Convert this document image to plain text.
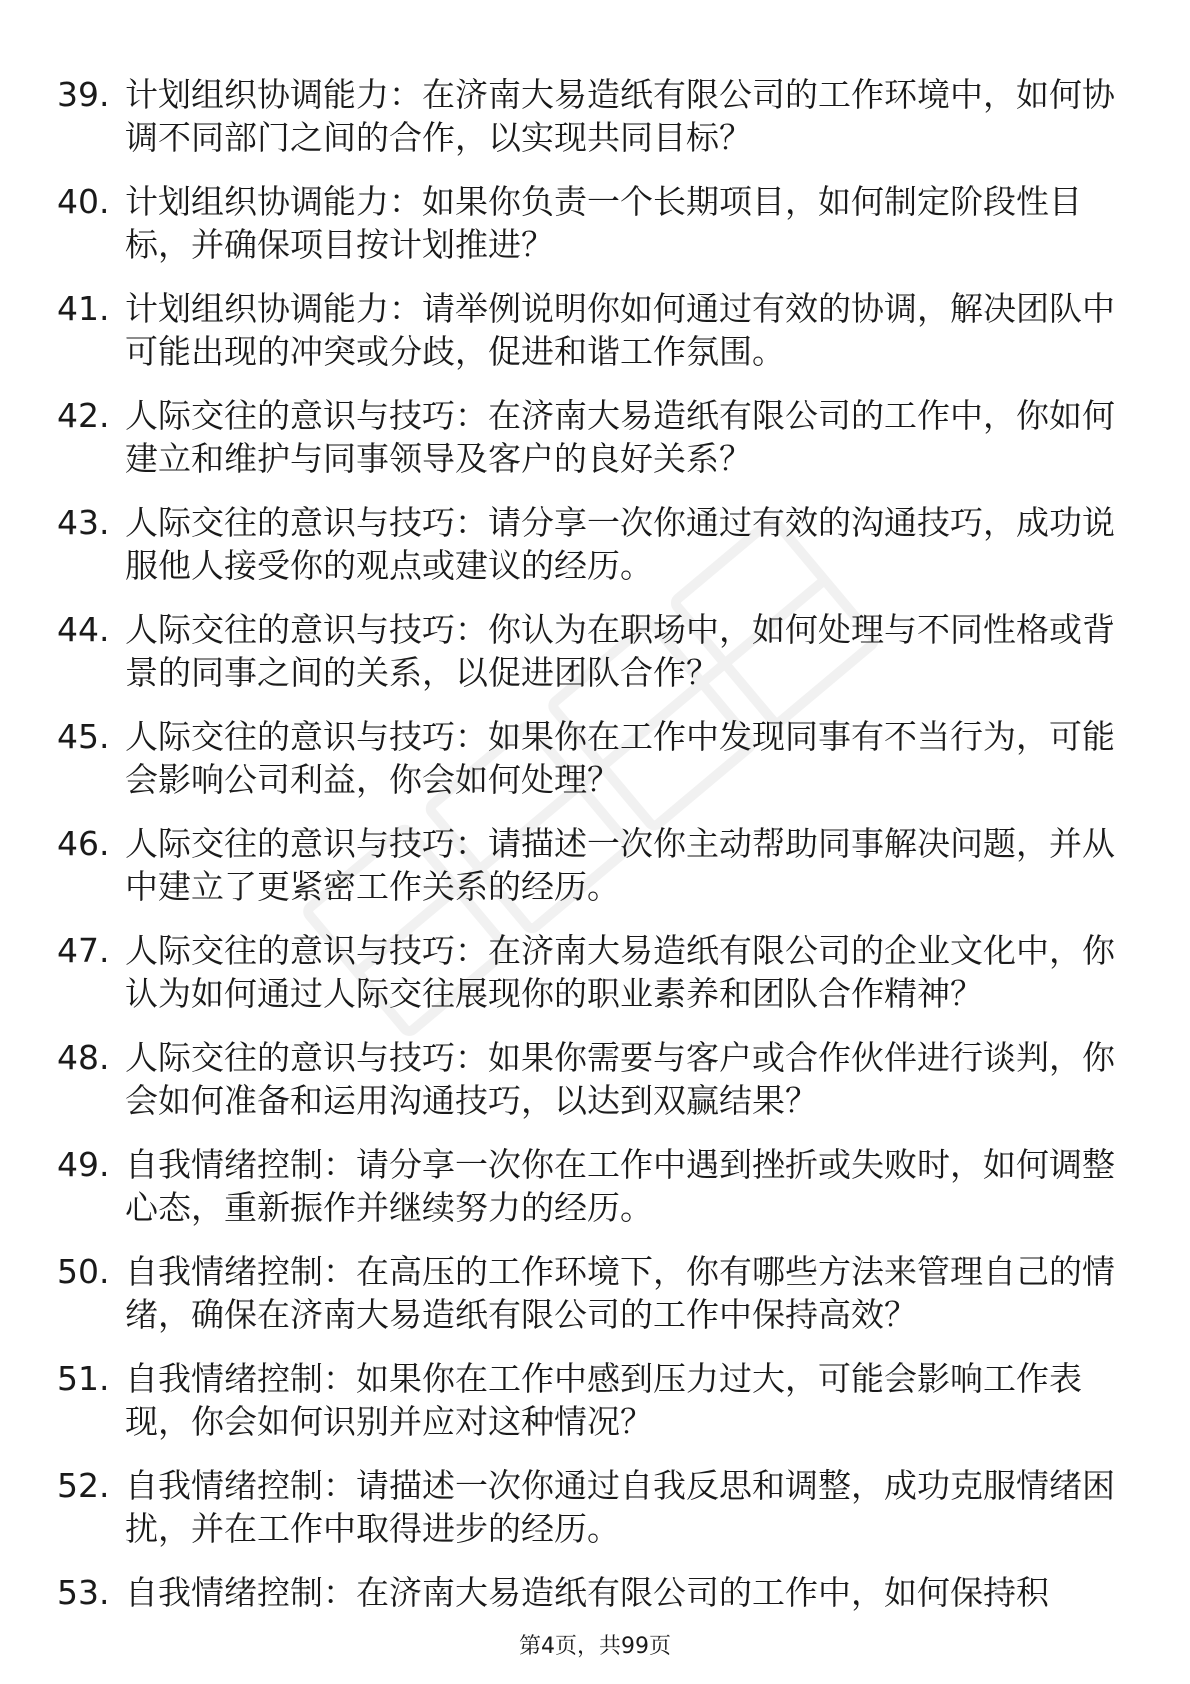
39. 计划组织协调能力：在济南大易造纸有限公司的工作环境中，如何协调不同部门之间的合作，以实现共同目标？
40. 计划组织协调能力：如果你负责一个长期项目，如何制定阶段性目标，并确保项目按计划推进？
41. 计划组织协调能力：请举例说明你如何通过有效的协调，解决团队中可能出现的冲突或分歧，促进和谐工作氛围。
42. 人际交往的意识与技巧：在济南大易造纸有限公司的工作中，你如何建立和维护与同事领导及客户的良好关系？
43. 人际交往的意识与技巧：请分享一次你通过有效的沟通技巧，成功说服他人接受你的观点或建议的经历。
44. 人际交往的意识与技巧：你认为在职场中，如何处理与不同性格或背景的同事之间的关系，以促进团队合作？
45. 人际交往的意识与技巧：如果你在工作中发现同事有不当行为，可能会影响公司利益，你会如何处理？
46. 人际交往的意识与技巧：请描述一次你主动帮助同事解决问题，并从中建立了更紧密工作关系的经历。
47. 人际交往的意识与技巧：在济南大易造纸有限公司的企业文化中，你认为如何通过人际交往展现你的职业素养和团队合作精神？
48. 人际交往的意识与技巧：如果你需要与客户或合作伙伴进行谈判，你会如何准备和运用沟通技巧，以达到双赢结果？
49. 自我情绪控制：请分享一次你在工作中遇到挫折或失败时，如何调整心态，重新振作并继续努力的经历。
50. 自我情绪控制：在高压的工作环境下，你有哪些方法来管理自己的情绪，确保在济南大易造纸有限公司的工作中保持高效？
51. 自我情绪控制：如果你在工作中感到压力过大，可能会影响工作表现，你会如何识别并应对这种情况？
52. 自我情绪控制：请描述一次你通过自我反思和调整，成功克服情绪困扰，并在工作中取得进步的经历。
53. 自我情绪控制：在济南大易造纸有限公司的工作中，如何保持积
第4页，共99页
